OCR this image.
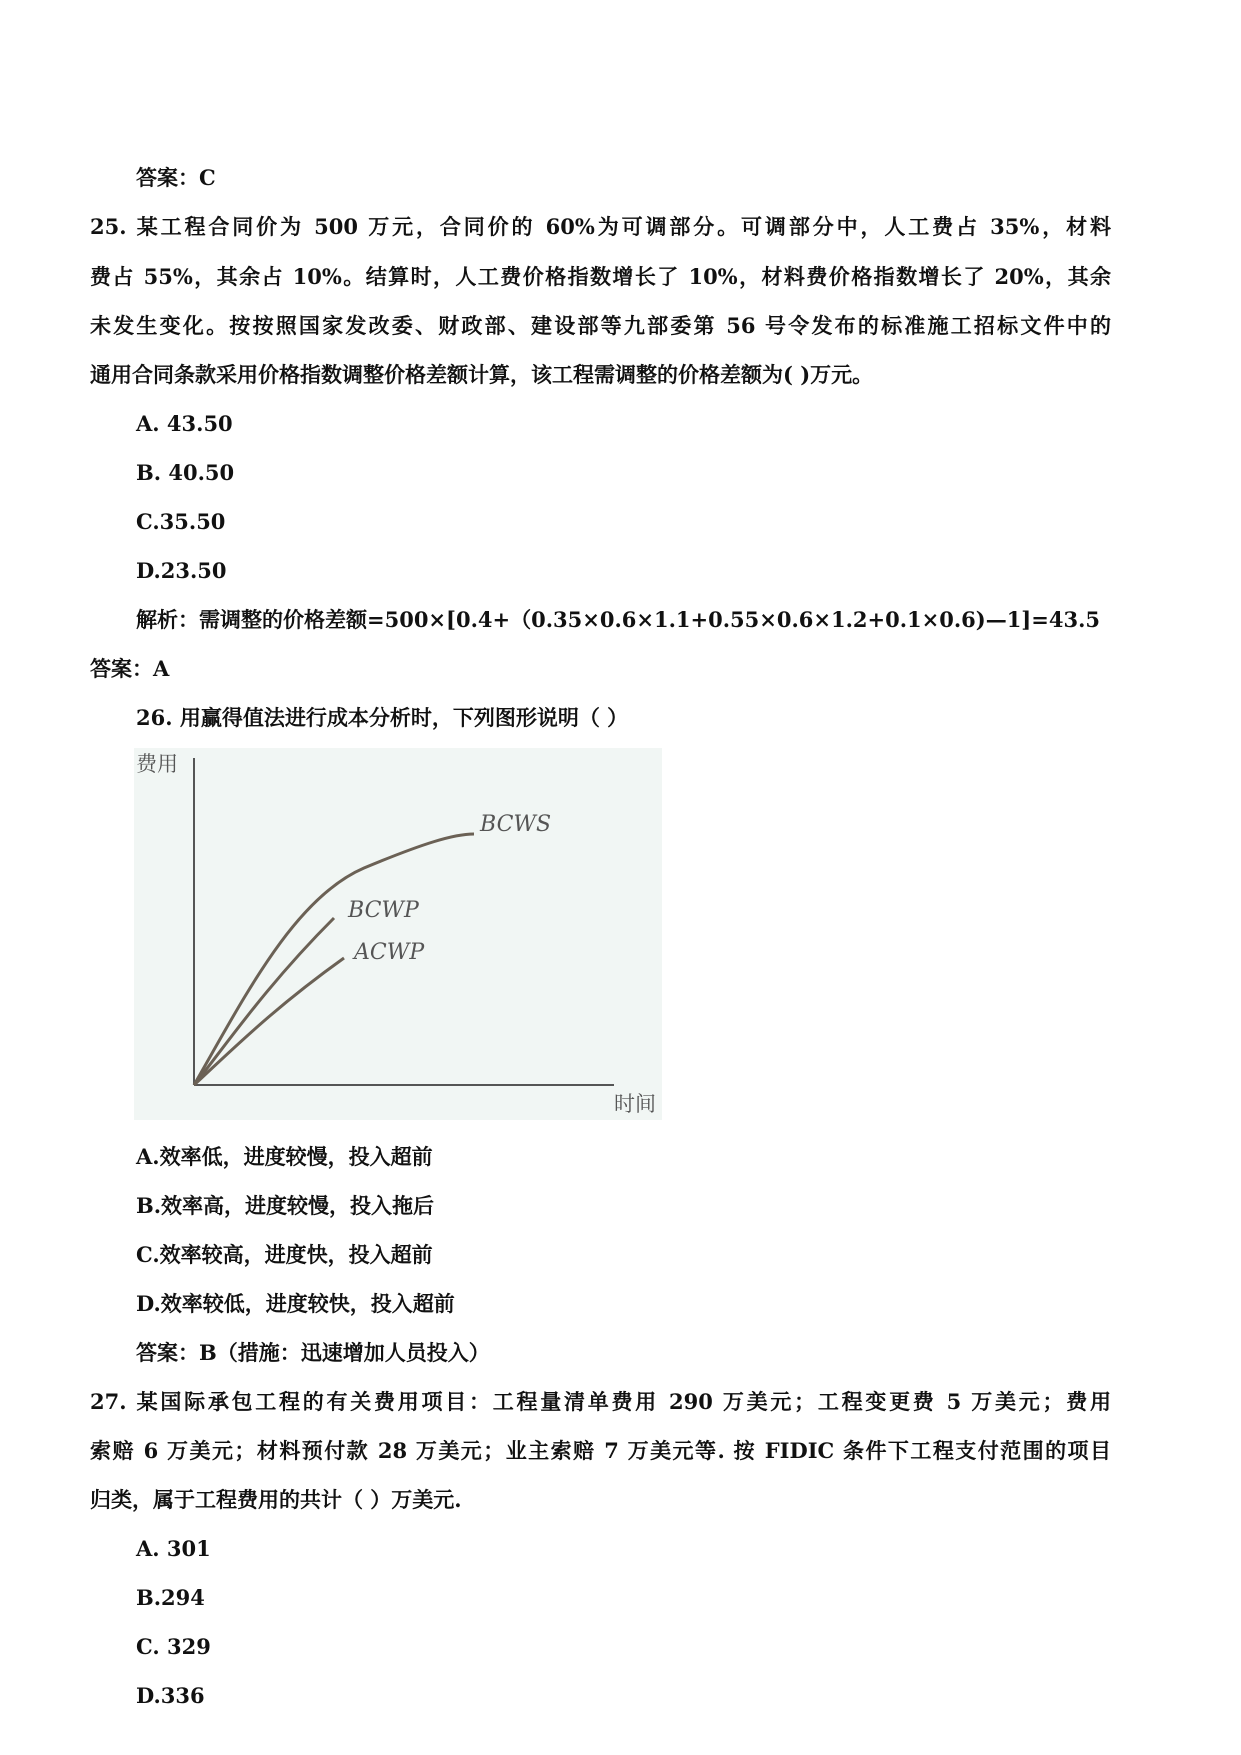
答案：C
25. 某工程合同价为 500 万元，合同价的 60%为可调部分。可调部分中，人工费占 35%，材料
费占 55%，其余占 10%。结算时，人工费价格指数增长了 10%，材料费价格指数增长了 20%，其余
未发生变化。按按照国家发改委、财政部、建设部等九部委第 56 号令发布的标准施工招标文件中的
通用合同条款采用价格指数调整价格差额计算，该工程需调整的价格差额为( )万元。
A. 43.50
B. 40.50
C.35.50
D.23.50
解析：需调整的价格差额=500×[0.4+（0.35×0.6×1.1+0.55×0.6×1.2+0.1×0.6)—1]=43.5
答案：A
26. 用赢得值法进行成本分析时，下列图形说明（ ）
费用
时间
BCWS
BCWP
ACWP
A.效率低，进度较慢，投入超前
B.效率高，进度较慢，投入拖后
C.效率较高，进度快，投入超前
D.效率较低，进度较快，投入超前
答案：B（措施：迅速增加人员投入）
27. 某国际承包工程的有关费用项目：工程量清单费用 290 万美元；工程变更费 5 万美元；费用
索赔 6 万美元；材料预付款 28 万美元；业主索赔 7 万美元等. 按 FIDIC 条件下工程支付范围的项目
归类，属于工程费用的共计（ ）万美元.
A. 301
B.294
C. 329
D.336
